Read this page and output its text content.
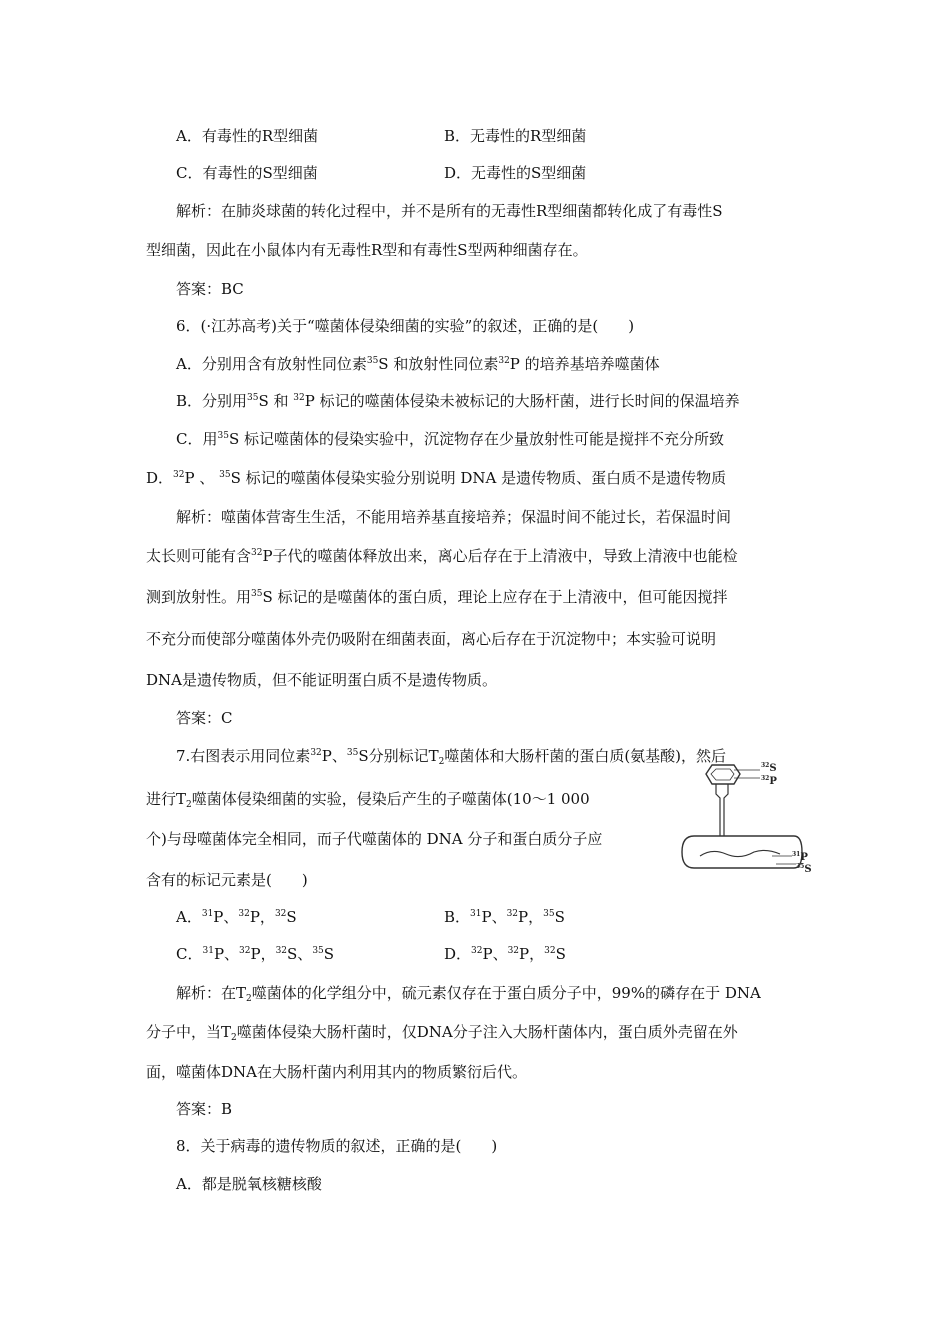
A．有毒性的R型细菌	B．无毒性的R型细菌
C．有毒性的S型细菌	D．无毒性的S型细菌
解析：在肺炎球菌的转化过程中，并不是所有的无毒性R型细菌都转化成了有毒性S
型细菌，因此在小鼠体内有无毒性R型和有毒性S型两种细菌存在。
答案：BC
6．(·江苏高考)关于“噬菌体侵染细菌的实验”的叙述，正确的是(　　)
A．分别用含有放射性同位素$^{35}$S 和放射性同位素$^{32}$P 的培养基培养噬菌体
B．分别用$^{35}$S 和 $^{32}$P 标记的噬菌体侵染未被标记的大肠杆菌，进行长时间的保温培养
C．用$^{35}$S 标记噬菌体的侵染实验中，沉淀物存在少量放射性可能是搅拌不充分所致
D．$^{32}$P 、 $^{35}$S 标记的噬菌体侵染实验分别说明 DNA 是遗传物质、蛋白质不是遗传物质
解析：噬菌体营寄生生活，不能用培养基直接培养；保温时间不能过长，若保温时间
太长则可能有含$^{32}$P子代的噬菌体释放出来，离心后存在于上清液中，导致上清液中也能检
测到放射性。用$^{35}$S 标记的是噬菌体的蛋白质，理论上应存在于上清液中，但可能因搅拌
不充分而使部分噬菌体外壳仍吸附在细菌表面，离心后存在于沉淀物中；本实验可说明
DNA是遗传物质，但不能证明蛋白质不是遗传物质。
答案：C
7.右图表示用同位素$^{32}$P、$^{35}$S分别标记$T_2$噬菌体和大肠杆菌的蛋白质(氨基酸)，然后
进行$T_2$噬菌体侵染细菌的实验，侵染后产生的子噬菌体(10～1 000
个)与母噬菌体完全相同，而子代噬菌体的 DNA 分子和蛋白质分子应
含有的标记元素是(　　)
$^{32}$S
$^{32}$P
$^{31}$P
$^{35}$S
A．$^{31}$P、$^{32}$P，$^{32}$S	B．$^{31}$P、$^{32}$P，$^{35}$S
C．$^{31}$P、$^{32}$P，$^{32}$S、$^{35}$S	D．$^{32}$P、$^{32}$P，$^{32}$S
解析：在$T_2$噬菌体的化学组分中，硫元素仅存在于蛋白质分子中，99%的磷存在于 DNA
分子中，当$T_2$噬菌体侵染大肠杆菌时，仅DNA分子注入大肠杆菌体内，蛋白质外壳留在外
面，噬菌体DNA在大肠杆菌内利用其内的物质繁衍后代。
答案：B
8．关于病毒的遗传物质的叙述，正确的是(　　)
A．都是脱氧核糖核酸
